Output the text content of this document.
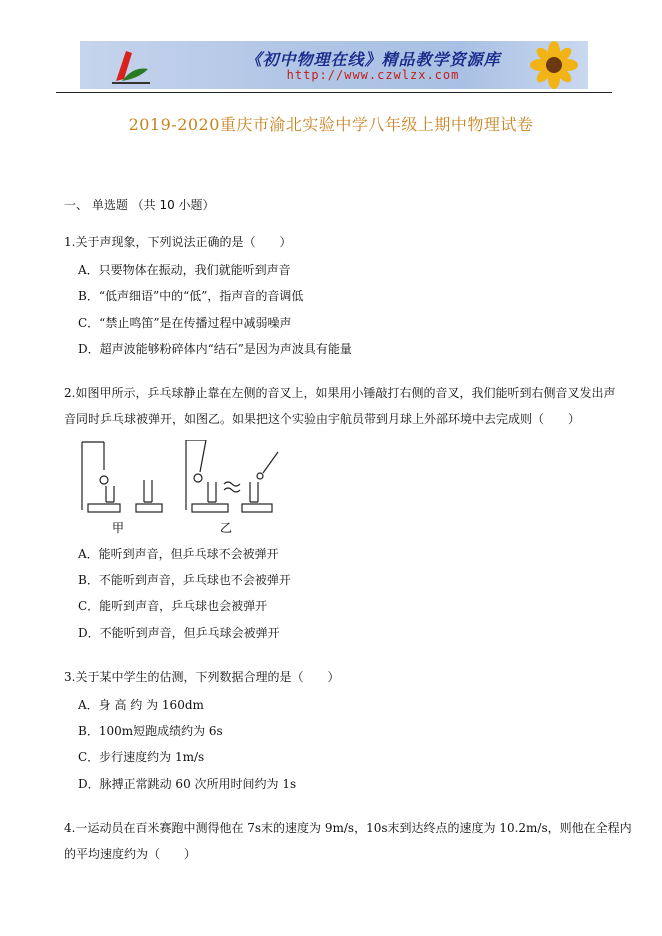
《初中物理在线》精品教学资源库
http://www.czwlzx.com
2019-2020重庆市渝北实验中学八年级上期中物理试卷
一、 单选题 （共 10 小题）
1.关于声现象，下列说法正确的是（　　）
A．只要物体在振动，我们就能听到声音
B．“低声细语”中的“低”，指声音的音调低
C．“禁止鸣笛”是在传播过程中减弱噪声
D．超声波能够粉碎体内“结石”是因为声波具有能量
2.如图甲所示，乒乓球静止靠在左侧的音叉上，如果用小锤敲打右侧的音叉，我们能听到右侧音叉发出声
音同时乒乓球被弹开，如图乙。如果把这个实验由宇航员带到月球上外部环境中去完成则（　　）
甲	乙
A．能听到声音，但乒乓球不会被弹开
B．不能听到声音，乒乓球也不会被弹开
C．能听到声音，乒乓球也会被弹开
D．不能听到声音，但乒乓球会被弹开
3.关于某中学生的估测，下列数据合理的是（　　）
A．身 高 约 为 160dm
B．100m短跑成绩约为 6s
C．步行速度约为 1m/s
D．脉搏正常跳动 60 次所用时间约为 1s
4.一运动员在百米赛跑中测得他在 7s末的速度为 9m/s，10s末到达终点的速度为 10.2m/s，则他在全程内
的平均速度约为（　　）
